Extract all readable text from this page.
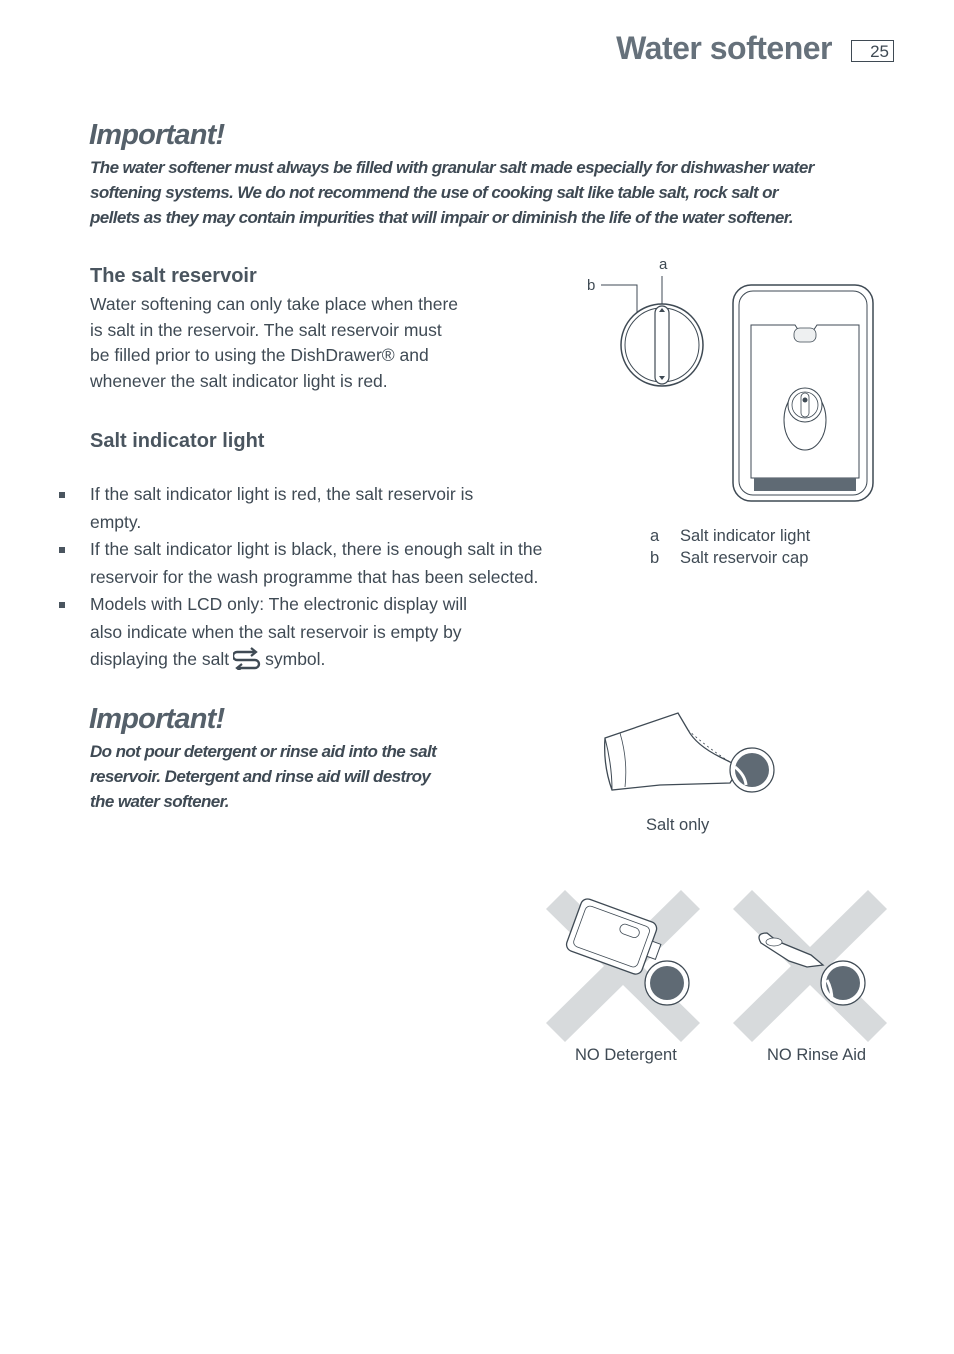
Water softener	25
Important!
The water softener must always be filled with granular salt made especially for dishwasher water
softening systems. We do not recommend the use of cooking salt like table salt, rock salt or
pellets as they may contain impurities that will impair or diminish the life of the water softener.
The salt reservoir
Water softening can only take place when there
is salt in the reservoir. The salt reservoir must
be filled prior to using the DishDrawer® and
whenever the salt indicator light is red.
Salt indicator light
If the salt indicator light is red, the salt reservoir is
empty.
If the salt indicator light is black, there is enough salt in the
reservoir for the wash programme that has been selected.
Models with LCD only: The electronic display will
also indicate when the salt reservoir is empty by
displaying the salt symbol.
Important!
Do not pour detergent or rinse aid into the salt
reservoir. Detergent and rinse aid will destroy
the water softener.
a
b
a Salt indicator light
b Salt reservoir cap
Salt only
NO Detergent	NO Rinse Aid
